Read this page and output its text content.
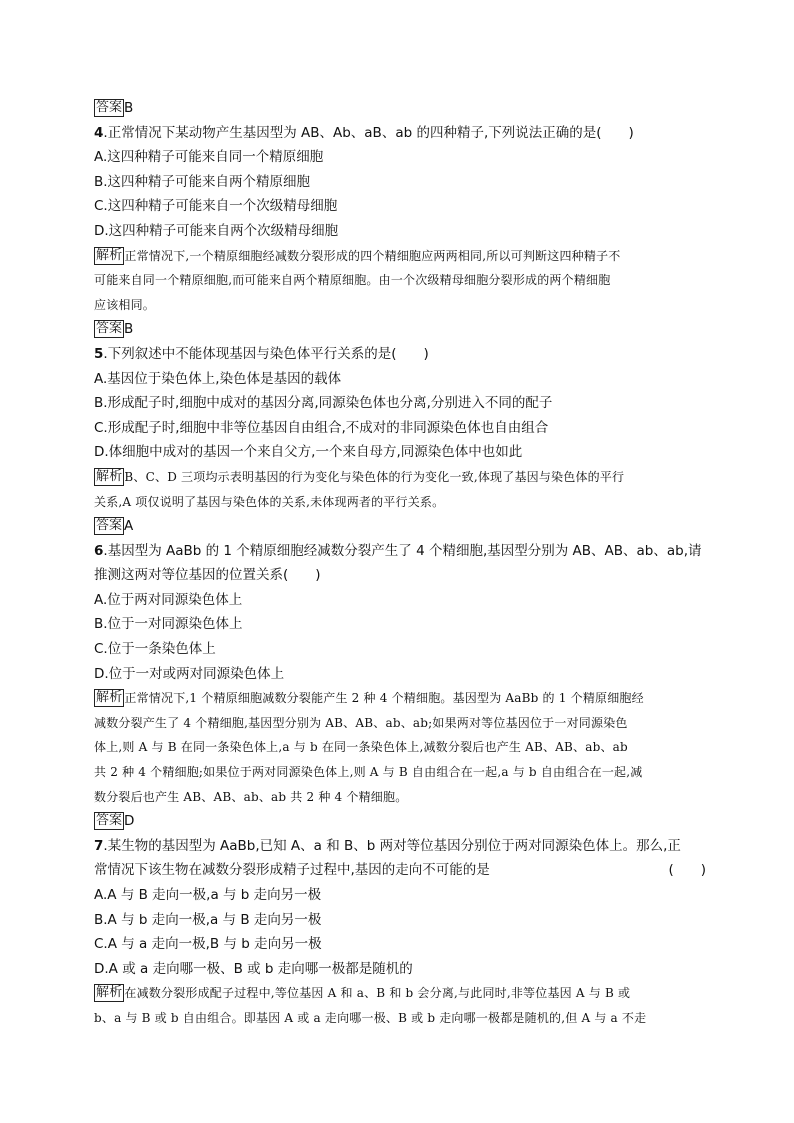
答案 B
4.正常情况下某动物产生基因型为 AB、Ab、aB、ab 的四种精子,下列说法正确的是(　　)
A.这四种精子可能来自同一个精原细胞
B.这四种精子可能来自两个精原细胞
C.这四种精子可能来自一个次级精母细胞
D.这四种精子可能来自两个次级精母细胞
解析 正常情况下,一个精原细胞经减数分裂形成的四个精细胞应两两相同,所以可判断这四种精子不
可能来自同一个精原细胞,而可能来自两个精原细胞。由一个次级精母细胞分裂形成的两个精细胞
应该相同。
答案 B
5.下列叙述中不能体现基因与染色体平行关系的是(　　)
A.基因位于染色体上,染色体是基因的载体
B.形成配子时,细胞中成对的基因分离,同源染色体也分离,分别进入不同的配子
C.形成配子时,细胞中非等位基因自由组合,不成对的非同源染色体也自由组合
D.体细胞中成对的基因一个来自父方,一个来自母方,同源染色体中也如此
解析 B、C、D 三项均示表明基因的行为变化与染色体的行为变化一致,体现了基因与染色体的平行
关系,A 项仅说明了基因与染色体的关系,未体现两者的平行关系。
答案 A
6.基因型为 AaBb 的 1 个精原细胞经减数分裂产生了 4 个精细胞,基因型分别为 AB、AB、ab、ab,请
推测这两对等位基因的位置关系(　　)
A.位于两对同源染色体上
B.位于一对同源染色体上
C.位于一条染色体上
D.位于一对或两对同源染色体上
解析 正常情况下,1 个精原细胞减数分裂能产生 2 种 4 个精细胞。基因型为 AaBb 的 1 个精原细胞经
减数分裂产生了 4 个精细胞,基因型分别为 AB、AB、ab、ab;如果两对等位基因位于一对同源染色
体上,则 A 与 B 在同一条染色体上,a 与 b 在同一条染色体上,减数分裂后也产生 AB、AB、ab、ab
共 2 种 4 个精细胞;如果位于两对同源染色体上,则 A 与 B 自由组合在一起,a 与 b 自由组合在一起,减
数分裂后也产生 AB、AB、ab、ab 共 2 种 4 个精细胞。
答案 D
7.某生物的基因型为 AaBb,已知 A、a 和 B、b 两对等位基因分别位于两对同源染色体上。那么,正
常情况下该生物在减数分裂形成精子过程中,基因的走向不可能的是	(　　)
A.A 与 B 走向一极,a 与 b 走向另一极
B.A 与 b 走向一极,a 与 B 走向另一极
C.A 与 a 走向一极,B 与 b 走向另一极
D.A 或 a 走向哪一极、B 或 b 走向哪一极都是随机的
解析 在减数分裂形成配子过程中,等位基因 A 和 a、B 和 b 会分离,与此同时,非等位基因 A 与 B 或
b、a 与 B 或 b 自由组合。即基因 A 或 a 走向哪一极、B 或 b 走向哪一极都是随机的,但 A 与 a 不走
